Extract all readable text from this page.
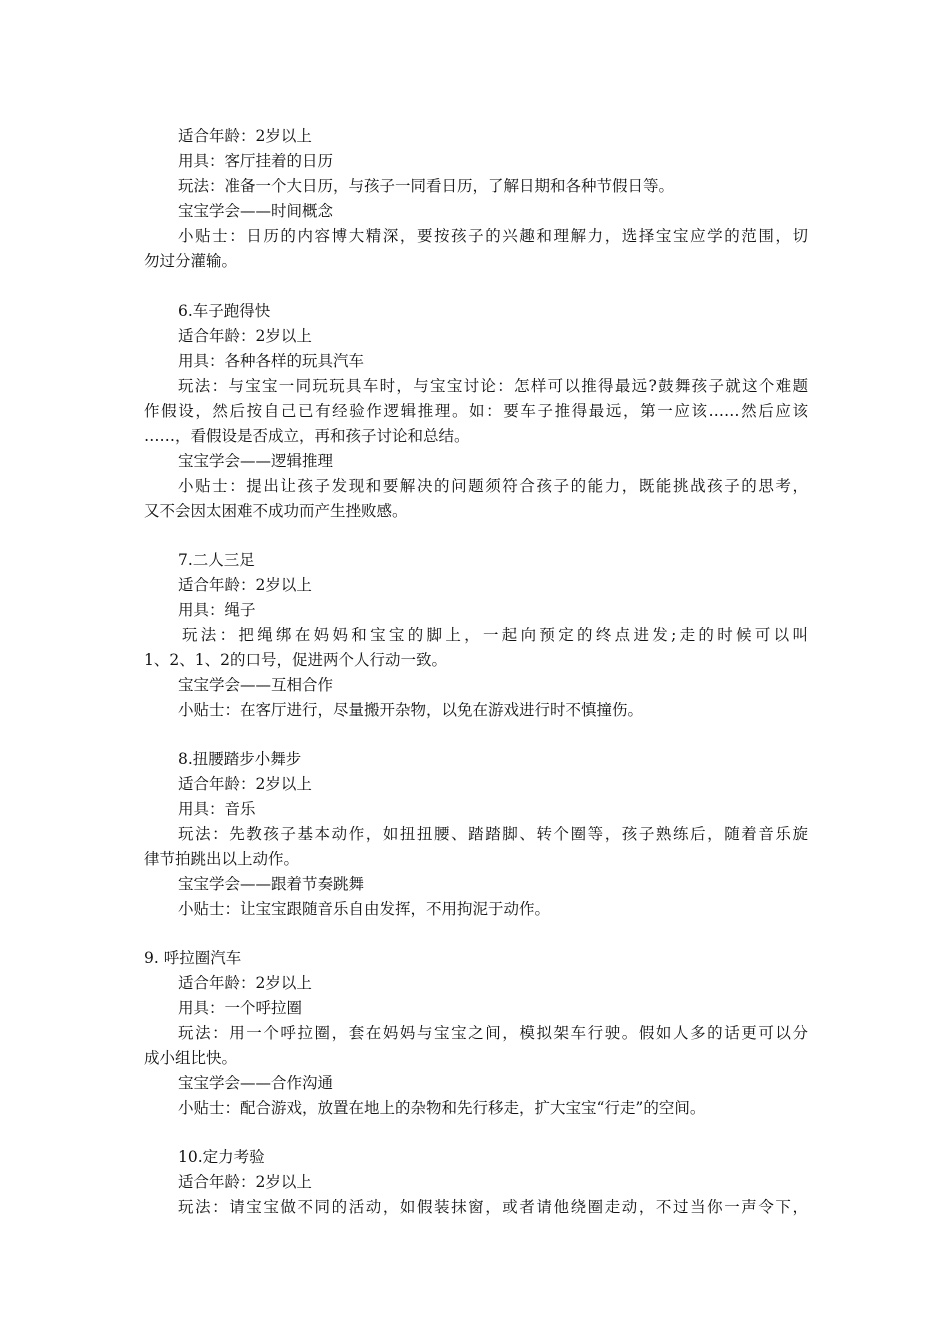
适合年龄：2岁以上
用具：客厅挂着的日历
玩法：准备一个大日历，与孩子一同看日历，了解日期和各种节假日等。
宝宝学会——时间概念
小贴士：日历的内容博大精深，要按孩子的兴趣和理解力，选择宝宝应学的范围，切
勿过分灌输。
6.车子跑得快
适合年龄：2岁以上
用具：各种各样的玩具汽车
玩法：与宝宝一同玩玩具车时，与宝宝讨论：怎样可以推得最远?鼓舞孩子就这个难题
作假设，然后按自己已有经验作逻辑推理。如：要车子推得最远，第一应该……然后应该
……，看假设是否成立，再和孩子讨论和总结。
宝宝学会——逻辑推理
小贴士：提出让孩子发现和要解决的问题须符合孩子的能力，既能挑战孩子的思考，
又不会因太困难不成功而产生挫败感。
7.二人三足
适合年龄：2岁以上
用具：绳子
玩法：把绳绑在妈妈和宝宝的脚上，一起向预定的终点进发;走的时候可以叫
1、2、1、2的口号，促进两个人行动一致。
宝宝学会——互相合作
小贴士：在客厅进行，尽量搬开杂物，以免在游戏进行时不慎撞伤。
8.扭腰踏步小舞步
适合年龄：2岁以上
用具：音乐
玩法：先教孩子基本动作，如扭扭腰、踏踏脚、转个圈等，孩子熟练后，随着音乐旋
律节拍跳出以上动作。
宝宝学会——跟着节奏跳舞
小贴士：让宝宝跟随音乐自由发挥，不用拘泥于动作。
9. 呼拉圈汽车
适合年龄：2岁以上
用具：一个呼拉圈
玩法：用一个呼拉圈，套在妈妈与宝宝之间，模拟架车行驶。假如人多的话更可以分
成小组比快。
宝宝学会——合作沟通
小贴士：配合游戏，放置在地上的杂物和先行移走，扩大宝宝“行走”的空间。
10.定力考验
适合年龄：2岁以上
玩法：请宝宝做不同的活动，如假装抹窗，或者请他绕圈走动，不过当你一声令下，
